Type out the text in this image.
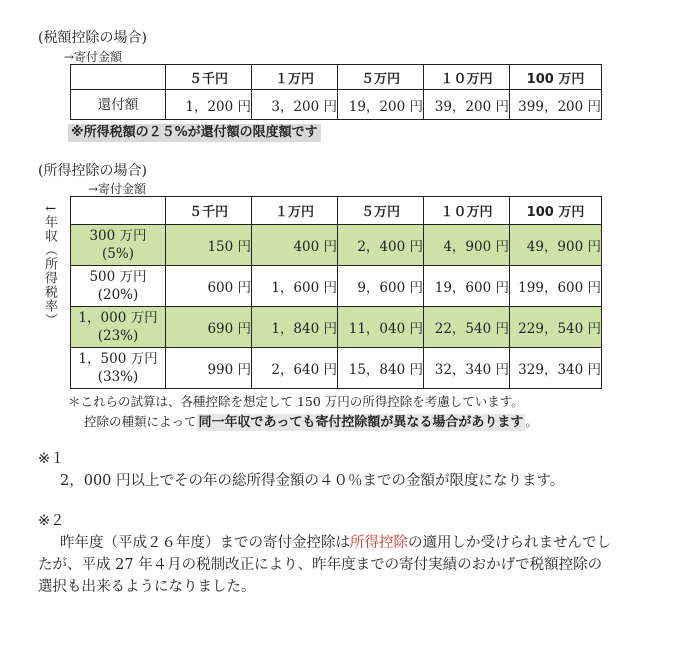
(税額控除の場合)
→寄付金額
	５千円	１万円	５万円	１０万円	100 万円
還付額	1，200 円	3，200 円	19，200 円	39，200 円	399，200 円
※所得税額の２５%が還付額の限度額です
(所得控除の場合)
→寄付金額
↓年収（所得税率）
		５千円	１万円	５万円	１０万円	100 万円
300 万円
(5%)	150 円	400 円	2，400 円	4，900 円	49，900 円
500 万円
(20%)	600 円	1，600 円	9，600 円	19，600 円	199，600 円
1，000 万円
(23%)	690 円	1，840 円	11，040 円	22，540 円	229，540 円
1，500 万円
(33%)	990 円	2，640 円	15，840 円	32，340 円	329，340 円
＊これらの試算は、各種控除を想定して 150 万円の所得控除を考慮しています。
控除の種類によって 同一年収であっても寄付控除額が異なる場合があります 。
※１
2，000 円以上でその年の総所得金額の４０％までの金額が限度になります。
※２
昨年度（平成２６年度）までの寄付金控除は所得控除の適用しか受けられませんでし
たが、平成 27 年４月の税制改正により、昨年度までの寄付実績のおかげで税額控除の
選択も出来るようになりました。
